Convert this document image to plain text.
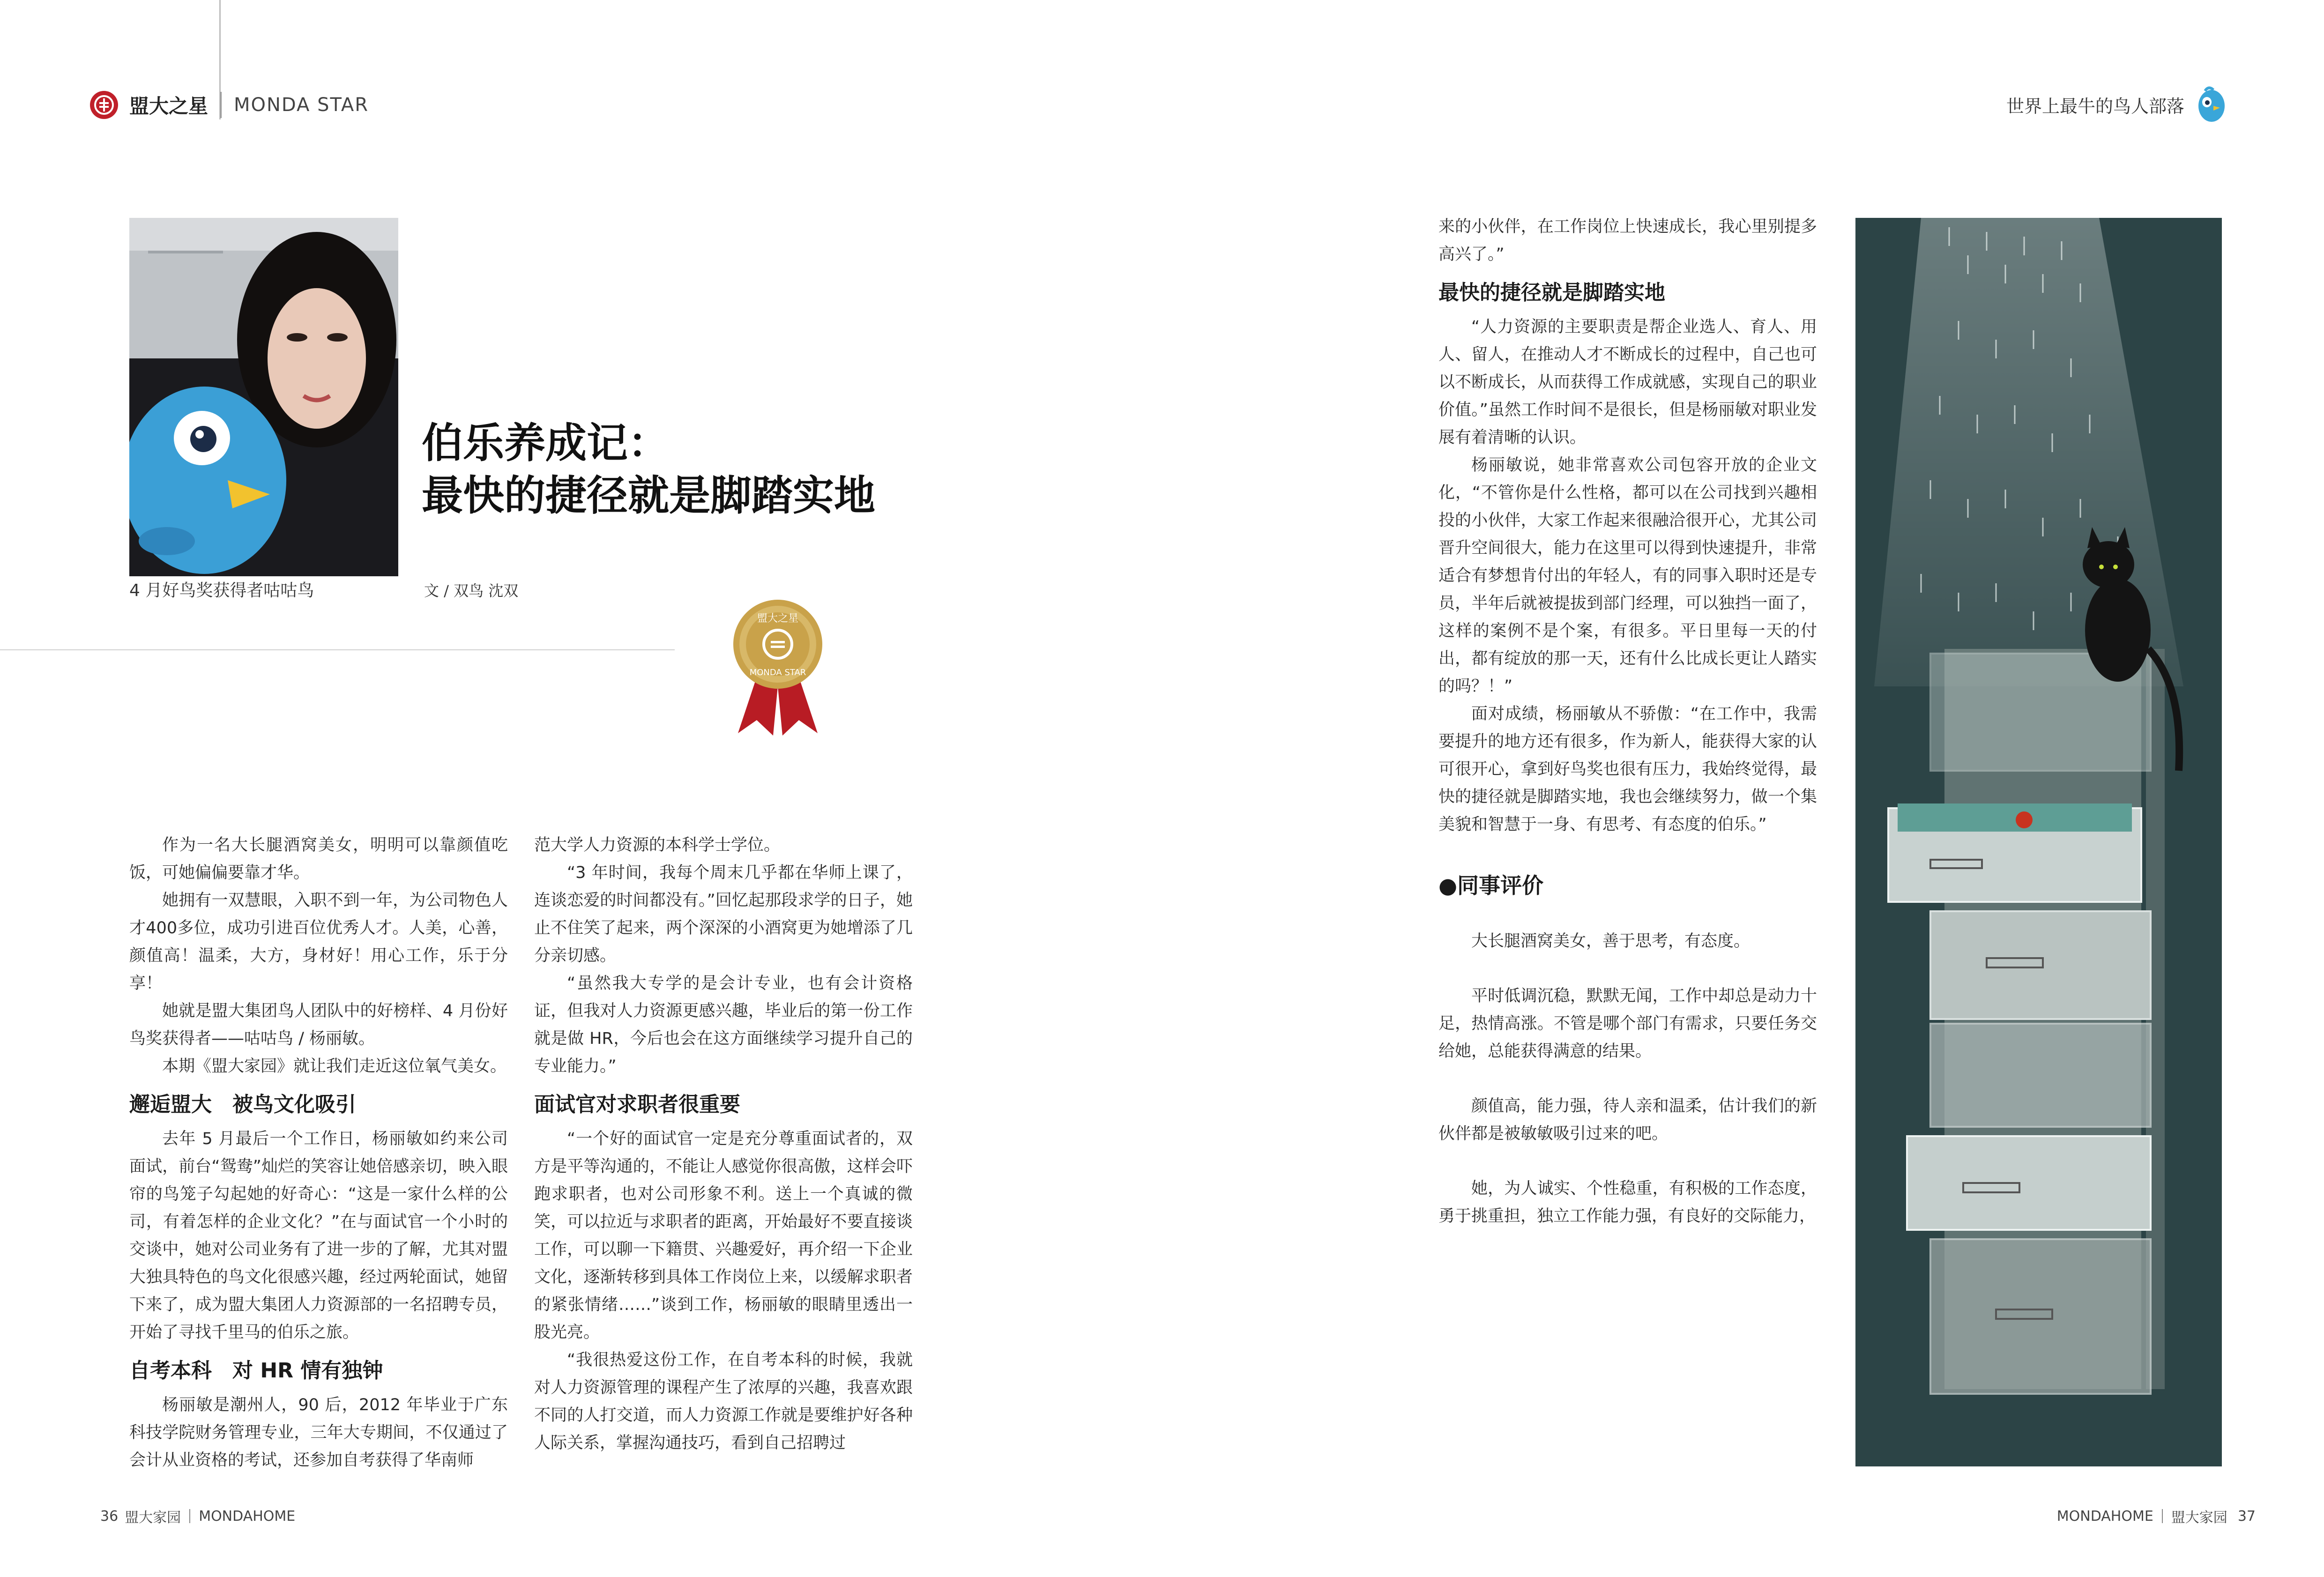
盟大之星 MONDA STAR	世界上最牛的鸟人部落
4 月好鸟奖获得者咕咕鸟
伯乐养成记：
最快的捷径就是脚踏实地
文 / 双鸟 沈双
盟大之星
MONDA STAR

作为一名大长腿酒窝美女，明明可以靠颜值吃饭，可她偏偏要靠才华。

她拥有一双慧眼，入职不到一年，为公司物色人才400多位，成功引进百位优秀人才。人美，心善，颜值高！温柔，大方，身材好！用心工作，乐于分享！

她就是盟大集团鸟人团队中的好榜样、4 月份好鸟奖获得者——咕咕鸟 / 杨丽敏。

本期《盟大家园》就让我们走近这位氧气美女。

邂逅盟大　被鸟文化吸引

去年 5 月最后一个工作日，杨丽敏如约来公司面试，前台“鸳鸯”灿烂的笑容让她倍感亲切，映入眼帘的鸟笼子勾起她的好奇心：“这是一家什么样的公司，有着怎样的企业文化？”在与面试官一个小时的交谈中，她对公司业务有了进一步的了解，尤其对盟大独具特色的鸟文化很感兴趣，经过两轮面试，她留下来了，成为盟大集团人力资源部的一名招聘专员，开始了寻找千里马的伯乐之旅。

自考本科　对 HR 情有独钟

杨丽敏是潮州人，90 后，2012 年毕业于广东科技学院财务管理专业，三年大专期间，不仅通过了会计从业资格的考试，还参加自考获得了华南师

范大学人力资源的本科学士学位。

“3 年时间，我每个周末几乎都在华师上课了，连谈恋爱的时间都没有。”回忆起那段求学的日子，她止不住笑了起来，两个深深的小酒窝更为她增添了几分亲切感。

“虽然我大专学的是会计专业，也有会计资格证，但我对人力资源更感兴趣，毕业后的第一份工作就是做 HR，今后也会在这方面继续学习提升自己的专业能力。”

面试官对求职者很重要

“一个好的面试官一定是充分尊重面试者的，双方是平等沟通的，不能让人感觉你很高傲，这样会吓跑求职者，也对公司形象不利。送上一个真诚的微笑，可以拉近与求职者的距离，开始最好不要直接谈工作，可以聊一下籍贯、兴趣爱好，再介绍一下企业文化，逐渐转移到具体工作岗位上来，以缓解求职者的紧张情绪……”谈到工作，杨丽敏的眼睛里透出一股光亮。

“我很热爱这份工作，在自考本科的时候，我就对人力资源管理的课程产生了浓厚的兴趣，我喜欢跟不同的人打交道，而人力资源工作就是要维护好各种人际关系，掌握沟通技巧，看到自己招聘过

来的小伙伴，在工作岗位上快速成长，我心里别提多高兴了。”

最快的捷径就是脚踏实地

“人力资源的主要职责是帮企业选人、育人、用人、留人，在推动人才不断成长的过程中，自己也可以不断成长，从而获得工作成就感，实现自己的职业价值。”虽然工作时间不是很长，但是杨丽敏对职业发展有着清晰的认识。

杨丽敏说，她非常喜欢公司包容开放的企业文化，“不管你是什么性格，都可以在公司找到兴趣相投的小伙伴，大家工作起来很融洽很开心，尤其公司晋升空间很大，能力在这里可以得到快速提升，非常适合有梦想肯付出的年轻人，有的同事入职时还是专员，半年后就被提拔到部门经理，可以独挡一面了，这样的案例不是个案，有很多。平日里每一天的付出，都有绽放的那一天，还有什么比成长更让人踏实的吗？！”

面对成绩，杨丽敏从不骄傲：“在工作中，我需要提升的地方还有很多，作为新人，能获得大家的认可很开心，拿到好鸟奖也很有压力，我始终觉得，最快的捷径就是脚踏实地，我也会继续努力，做一个集美貌和智慧于一身、有思考、有态度的伯乐。”

●同事评价

大长腿酒窝美女，善于思考，有态度。

平时低调沉稳，默默无闻，工作中却总是动力十足，热情高涨。不管是哪个部门有需求，只要任务交给她，总能获得满意的结果。

颜值高，能力强，待人亲和温柔，估计我们的新伙伴都是被敏敏吸引过来的吧。

她，为人诚实、个性稳重，有积极的工作态度，勇于挑重担，独立工作能力强，有良好的交际能力，

36 盟大家园 MONDAHOME	MONDAHOME 盟大家园 37
